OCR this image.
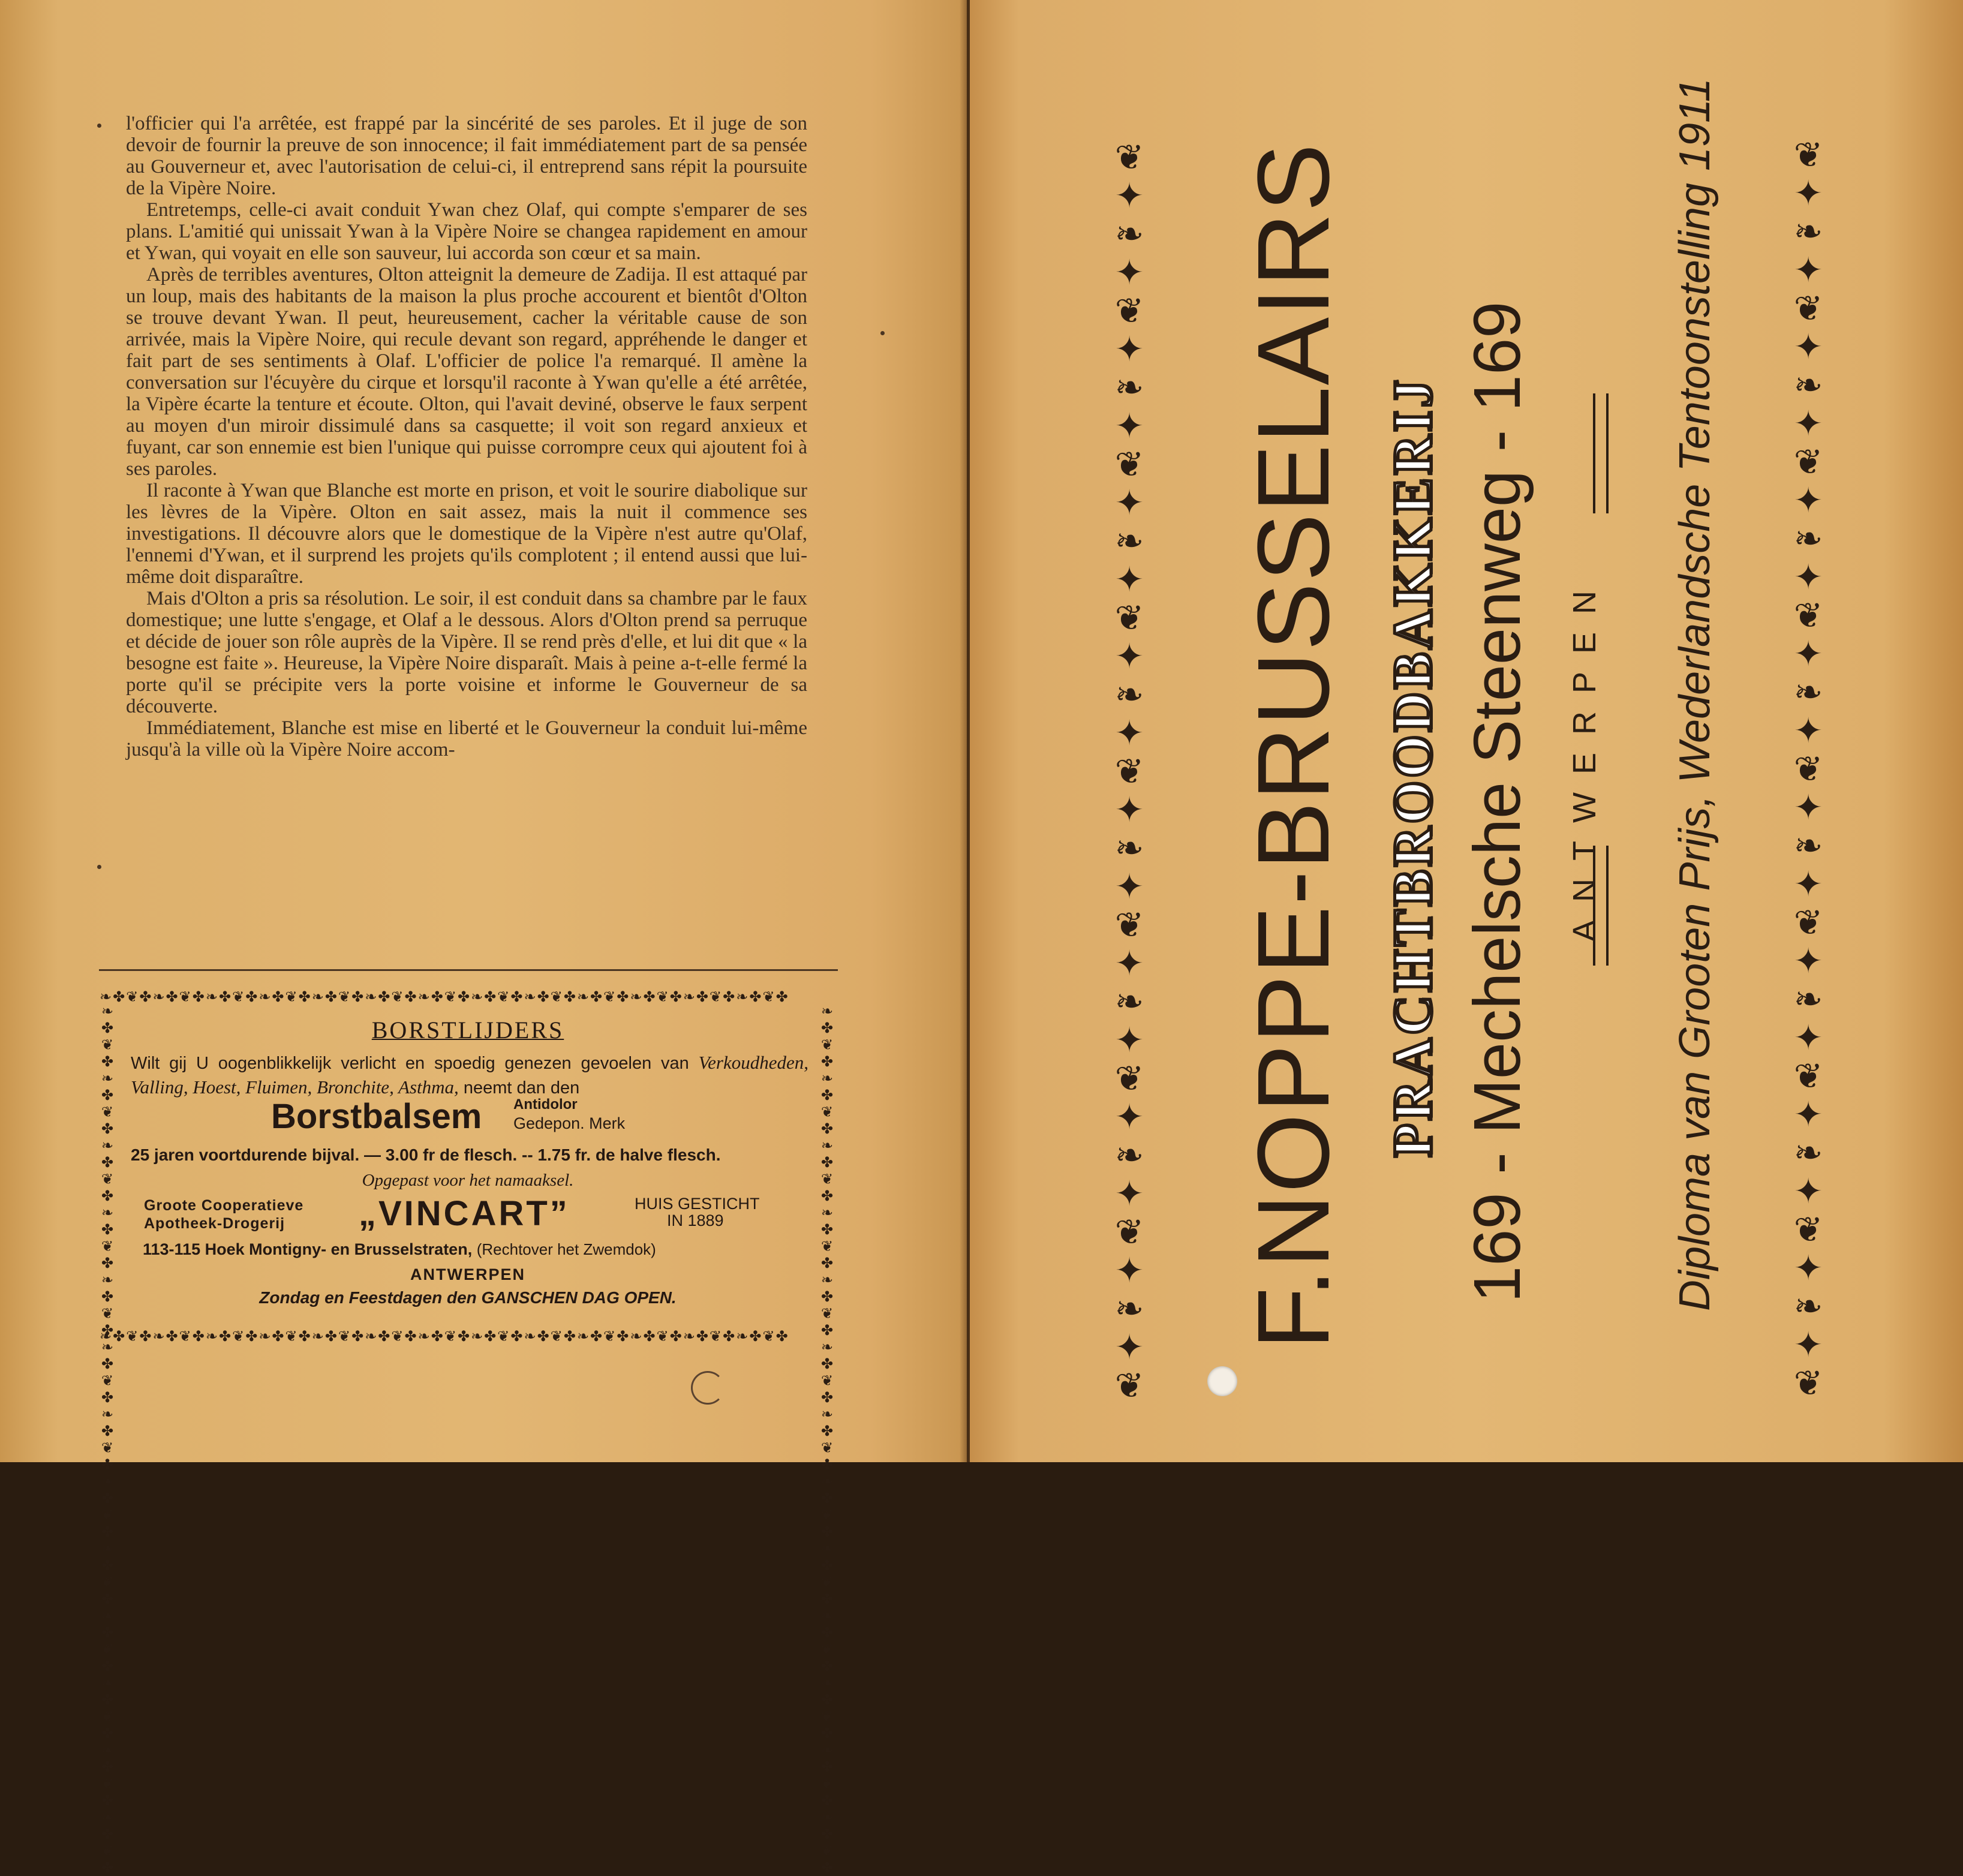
l'officier qui l'a arrêtée, est frappé par la sincérité de ses paroles. Et il juge de son devoir de fournir la preuve de son innocence; il fait immédiatement part de sa pensée au Gouverneur et, avec l'autorisation de celui-ci, il entreprend sans répit la poursuite de la Vipère Noire.

Entretemps, celle-ci avait conduit Ywan chez Olaf, qui compte s'emparer de ses plans. L'amitié qui unissait Ywan à la Vipère Noire se changea rapidement en amour et Ywan, qui voyait en elle son sauveur, lui accorda son cœur et sa main.

Après de terribles aventures, Olton atteignit la demeure de Zadija. Il est attaqué par un loup, mais des habitants de la maison la plus proche accourent et bientôt d'Olton se trouve devant Ywan. Il peut, heureusement, cacher la véritable cause de son arrivée, mais la Vipère Noire, qui recule devant son regard, appréhende le danger et fait part de ses sentiments à Olaf. L'officier de police l'a remarqué. Il amène la conversation sur l'écuyère du cirque et lorsqu'il raconte à Ywan qu'elle a été arrêtée, la Vipère écarte la tenture et écoute. Olton, qui l'avait deviné, observe le faux serpent au moyen d'un miroir dissimulé dans sa casquette; il voit son regard anxieux et fuyant, car son ennemie est bien l'unique qui puisse corrompre ceux qui ajoutent foi à ses paroles.

Il raconte à Ywan que Blanche est morte en prison, et voit le sourire diabolique sur les lèvres de la Vipère. Olton en sait assez, mais la nuit il commence ses investigations. Il découvre alors que le domestique de la Vipère n'est autre qu'Olaf, l'ennemi d'Ywan, et il surprend les projets qu'ils complotent ; il entend aussi que lui-même doit disparaître.

Mais d'Olton a pris sa résolution. Le soir, il est conduit dans sa chambre par le faux domestique; une lutte s'engage, et Olaf a le dessous. Alors d'Olton prend sa perruque et décide de jouer son rôle auprès de la Vipère. Il se rend près d'elle, et lui dit que « la besogne est faite ». Heureuse, la Vipère Noire disparaît. Mais à peine a-t-elle fermé la porte qu'il se précipite vers la porte voisine et informe le Gouverneur de sa découverte.

Immédiatement, Blanche est mise en liberté et le Gouverneur la conduit lui-même jusqu'à la ville où la Vipère Noire accom-

❧✤❦✤❧✤❦✤❧✤❦✤❧✤❦✤❧✤❦✤❧✤❦✤❧✤❦✤❧✤❦✤❧✤❦✤❧✤❦✤❧✤❦✤❧✤❦✤❧✤❦✤
❧✤❦✤❧✤❦✤❧✤❦✤❧✤❦✤❧✤❦✤❧✤❦✤❧✤❦✤❧✤❦✤❧✤❦✤❧✤❦✤❧✤❦✤❧✤❦✤❧✤❦✤
❧✤❦✤❧✤❦✤❧✤❦✤❧✤❦✤❧✤❦✤❧✤❦✤❧✤❦✤❧✤❦✤❧✤❦✤❧✤❦✤❧✤❦✤❧✤❦✤❧✤❦✤	❧✤❦✤❧✤❦✤❧✤❦✤❧✤❦✤❧✤❦✤❧✤❦✤❧✤❦✤❧✤❦✤❧✤❦✤❧✤❦✤❧✤❦✤❧✤❦✤❧✤❦✤
BORSTLIJDERS
Wilt gij U oogenblikkelijk verlicht en spoedig genezen gevoelen van Verkoudheden, Valling, Hoest, Fluimen, Bronchite, Asthma, neemt dan den
Borstbalsem Antidolor
Gedepon. Merk
25 jaren voortdurende bijval. — 3.00 fr de flesch. -- 1.75 fr. de halve flesch.
Opgepast voor het namaaksel.
Groote Cooperatieve
Apotheek-Drogerij „VINCART”	HUIS GESTICHT
IN 1889
113-115 Hoek Montigny- en Brusselstraten, (Rechtover het Zwemdok)
ANTWERPEN
Zondag en Feestdagen den GANSCHEN DAG OPEN.	❦✦❧✦❦✦❧✦❦✦❧✦❦✦❧✦❦✦❧✦❦✦❧✦❦✦❧✦❦✦❧✦❦	❦✦❧✦❦✦❧✦❦✦❧✦❦✦❧✦❦✦❧✦❦✦❧✦❦✦❧✦❦✦❧✦❦
F.NOPPE-BRUSSELAIRS PRACHTBROODBAKKERIJ 169 - Mechelsche Steenweg - 169 ANTWERPEN Diploma van Grooten Prijs, Wederlandsche Tentoonstelling 1911
